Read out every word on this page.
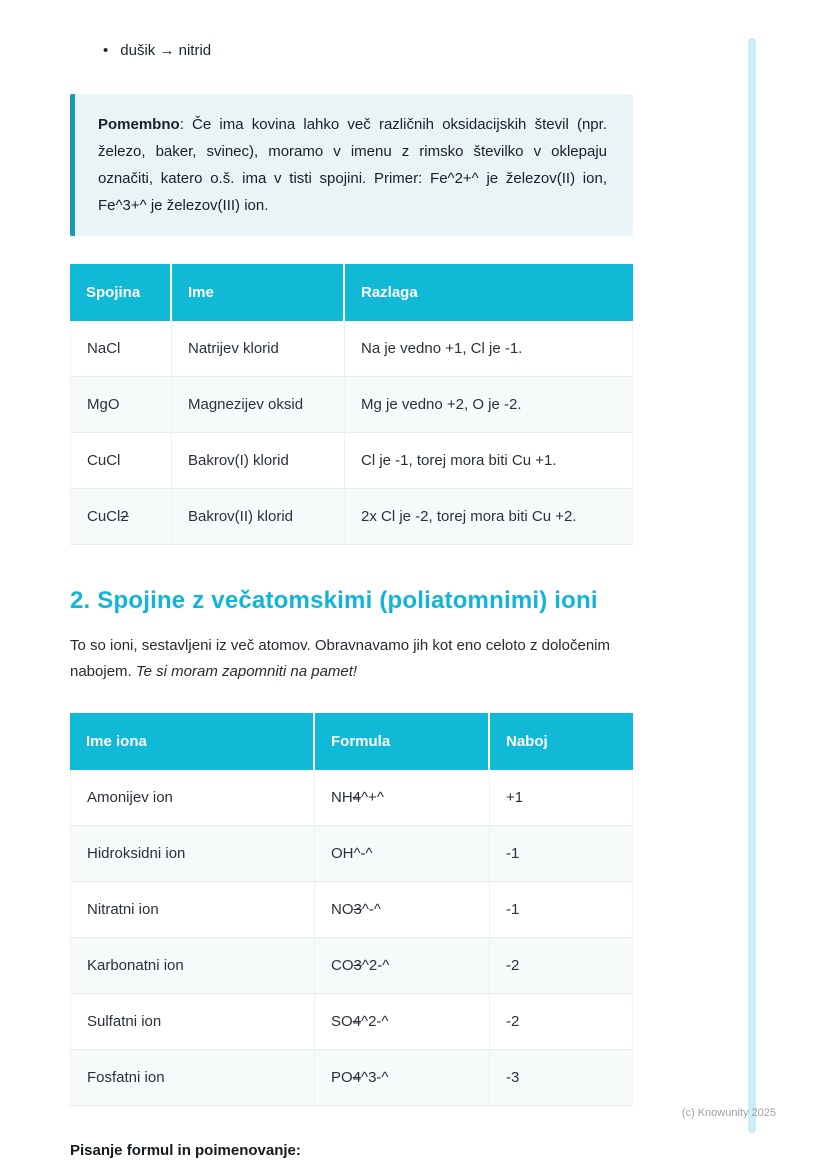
• dušik → nitrid
Pomembno: Če ima kovina lahko več različnih oksidacijskih števil (npr. železo, baker, svinec), moramo v imenu z rimsko številko v oklepaju označiti, katero o.š. ima v tisti spojini. Primer: Fe^2+^ je železov(II) ion, Fe^3+^ je železov(III) ion.
Spojina	Ime	Razlaga
NaCl	Natrijev klorid	Na je vedno +1, Cl je -1.
MgO	Magnezijev oksid	Mg je vedno +2, O je -2.
CuCl	Bakrov(I) klorid	Cl je -1, torej mora biti Cu +1.
CuCl2	Bakrov(II) klorid	2x Cl je -2, torej mora biti Cu +2.
2. Spojine z večatomskimi (poliatomnimi) ioni

To so ioni, sestavljeni iz več atomov. Obravnavamo jih kot eno celoto z določenim nabojem. Te si moram zapomniti na pamet!

Ime iona	Formula	Naboj
Amonijev ion	NH4^+^	+1
Hidroksidni ion	OH^-^	-1
Nitratni ion	NO3^-^	-1
Karbonatni ion	CO3^2-^	-2
Sulfatni ion	SO4^2-^	-2
Fosfatni ion	PO4^3-^	-3
Pisanje formul in poimenovanje:
(c) Knowunity 2025
